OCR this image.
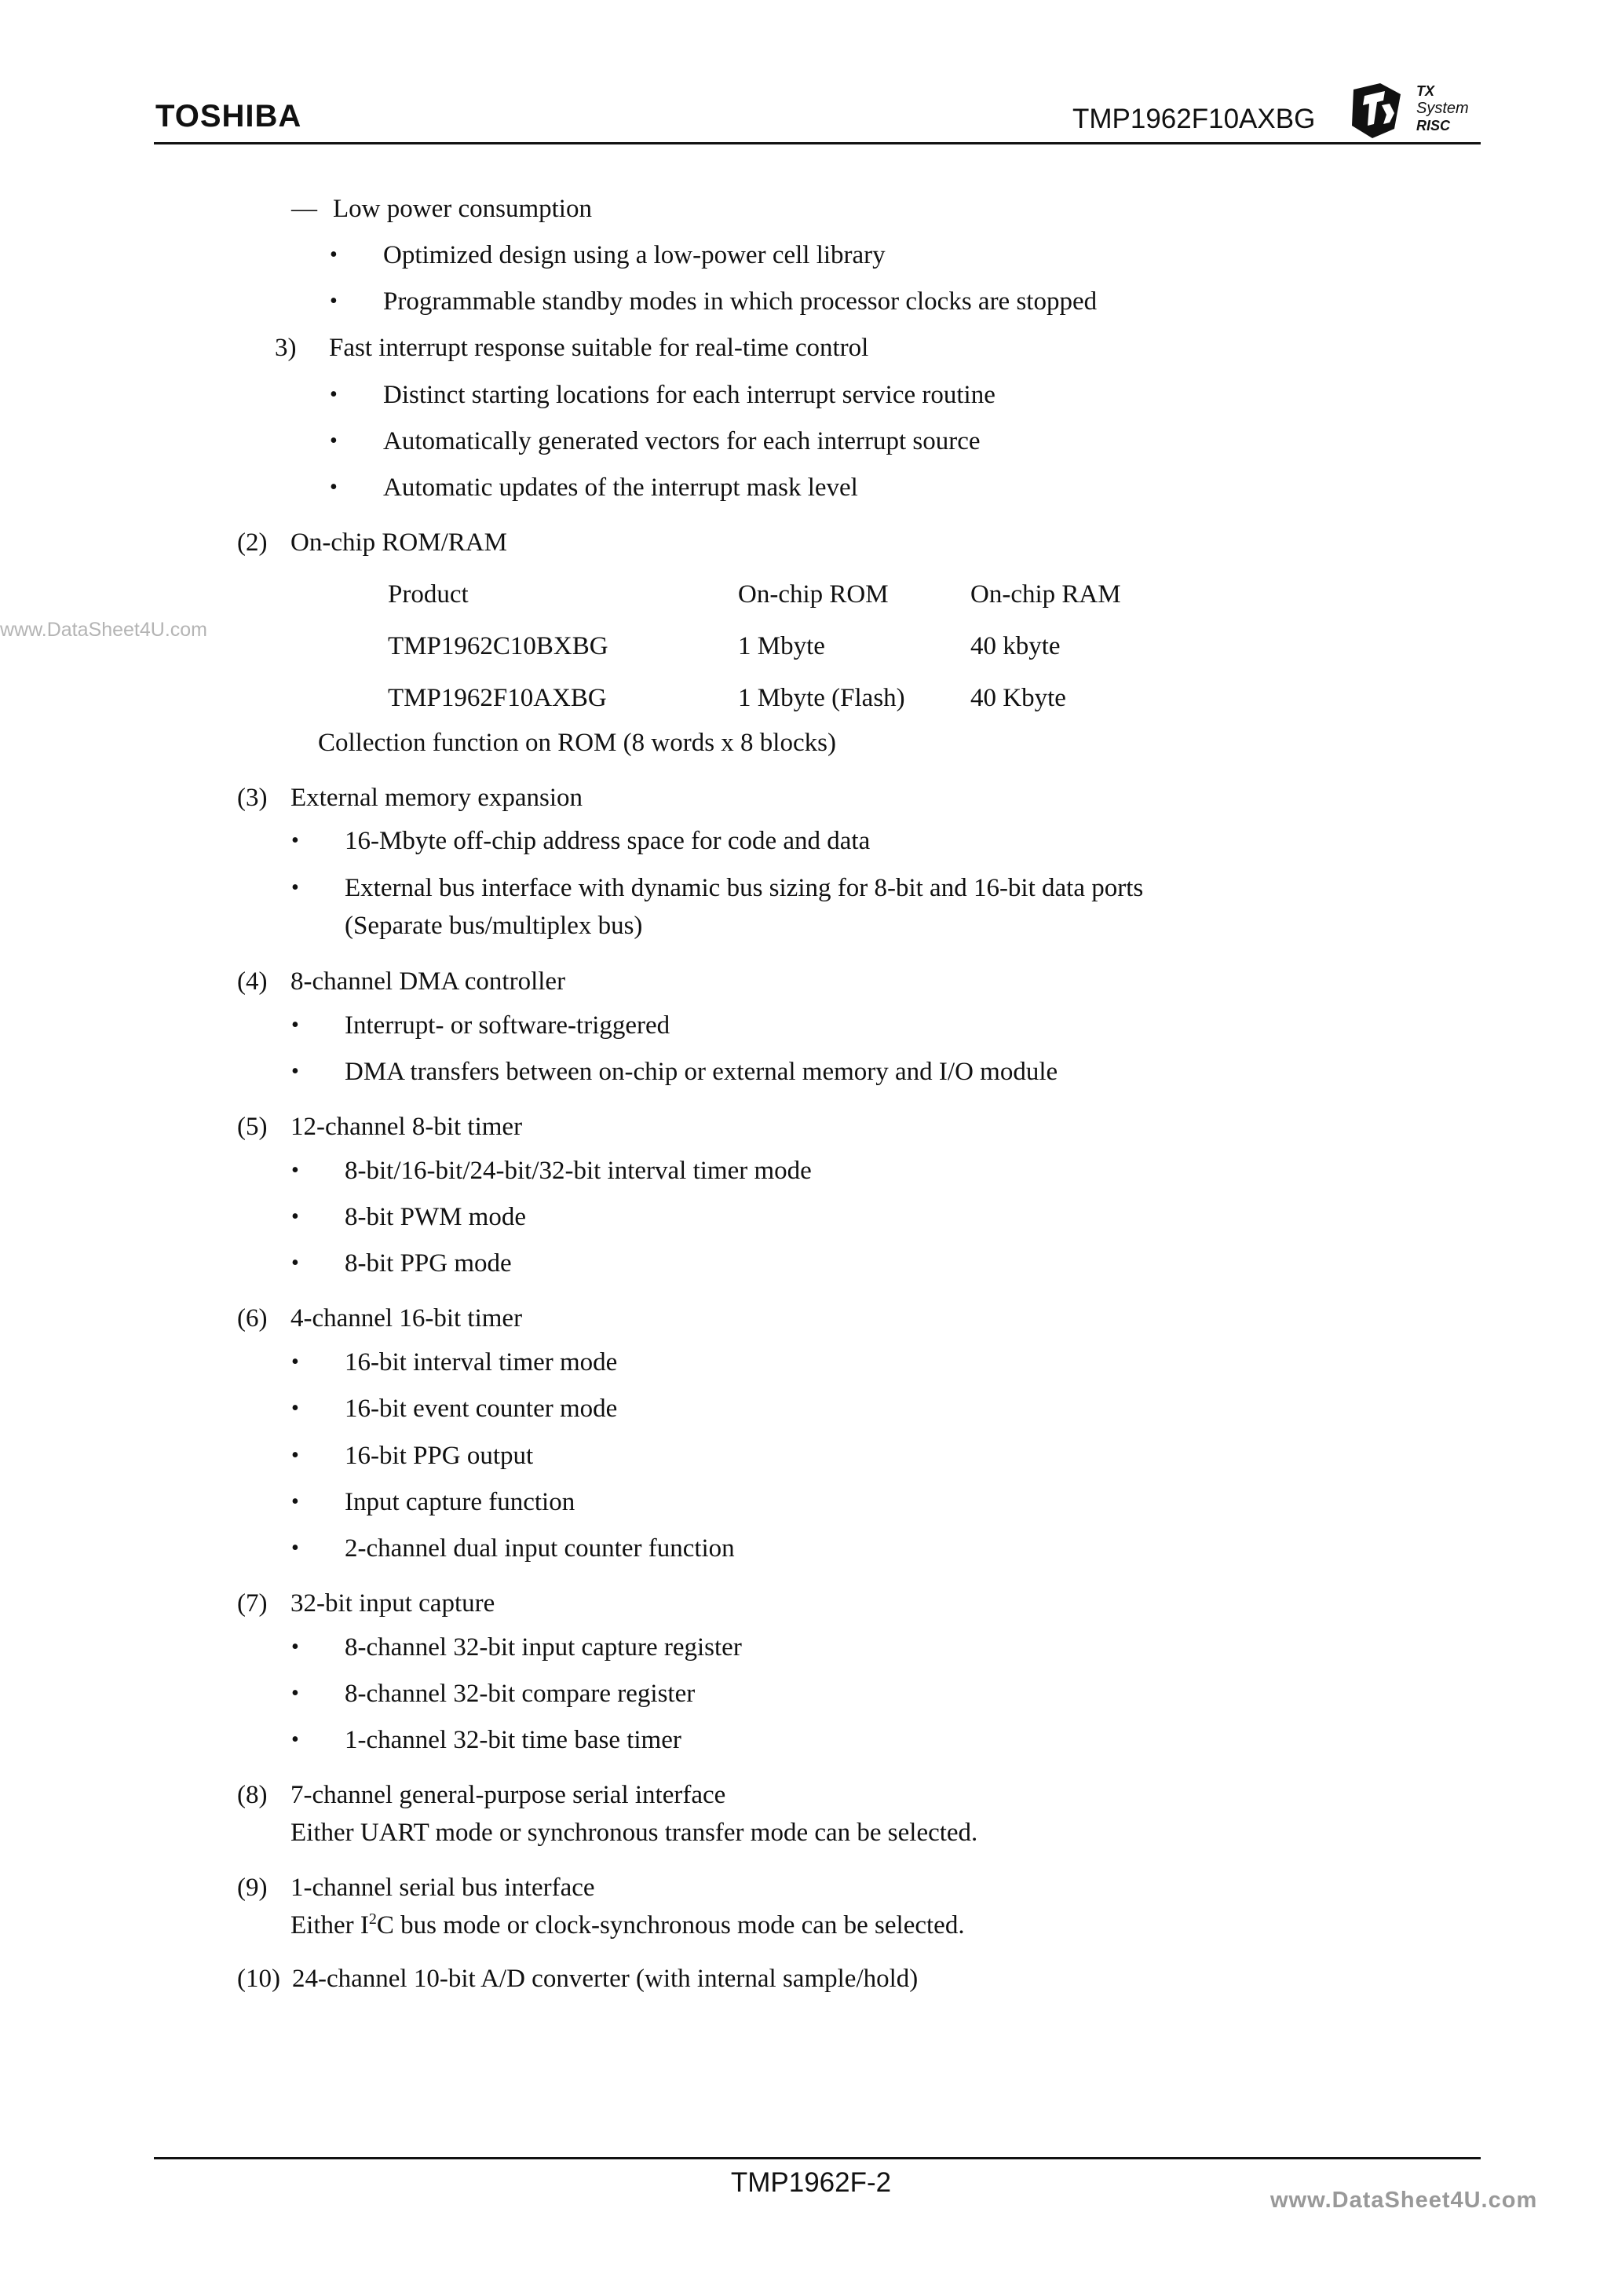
TOSHIBA	TMP1962F10AXBG
TX
System
RISC
www.DataSheet4U.com
www.DataSheet4U.com
— Low power consumption
• Optimized design using a low-power cell library
• Programmable standby modes in which processor clocks are stopped
3) Fast interrupt response suitable for real-time control
• Distinct starting locations for each interrupt service routine
• Automatically generated vectors for each interrupt source
• Automatic updates of the interrupt mask level
(2) On-chip ROM/RAM
Product	On-chip ROM	On-chip RAM
TMP1962C10BXBG	1 Mbyte	40 kbyte
TMP1962F10AXBG	1 Mbyte (Flash)	40 Kbyte
Collection function on ROM (8 words x 8 blocks)
(3) External memory expansion
• 16-Mbyte off-chip address space for code and data
• External bus interface with dynamic bus sizing for 8-bit and 16-bit data ports
(Separate bus/multiplex bus)
(4) 8-channel DMA controller
• Interrupt- or software-triggered
• DMA transfers between on-chip or external memory and I/O module
(5) 12-channel 8-bit timer
• 8-bit/16-bit/24-bit/32-bit interval timer mode
• 8-bit PWM mode
• 8-bit PPG mode
(6) 4-channel 16-bit timer
• 16-bit interval timer mode
• 16-bit event counter mode
• 16-bit PPG output
• Input capture function
• 2-channel dual input counter function
(7) 32-bit input capture
• 8-channel 32-bit input capture register
• 8-channel 32-bit compare register
• 1-channel 32-bit time base timer
(8) 7-channel general-purpose serial interface
Either UART mode or synchronous transfer mode can be selected.
(9) 1-channel serial bus interface
Either $I^2C$ bus mode or clock-synchronous mode can be selected.
(10) 24-channel 10-bit A/D converter (with internal sample/hold)
TMP1962F-2
